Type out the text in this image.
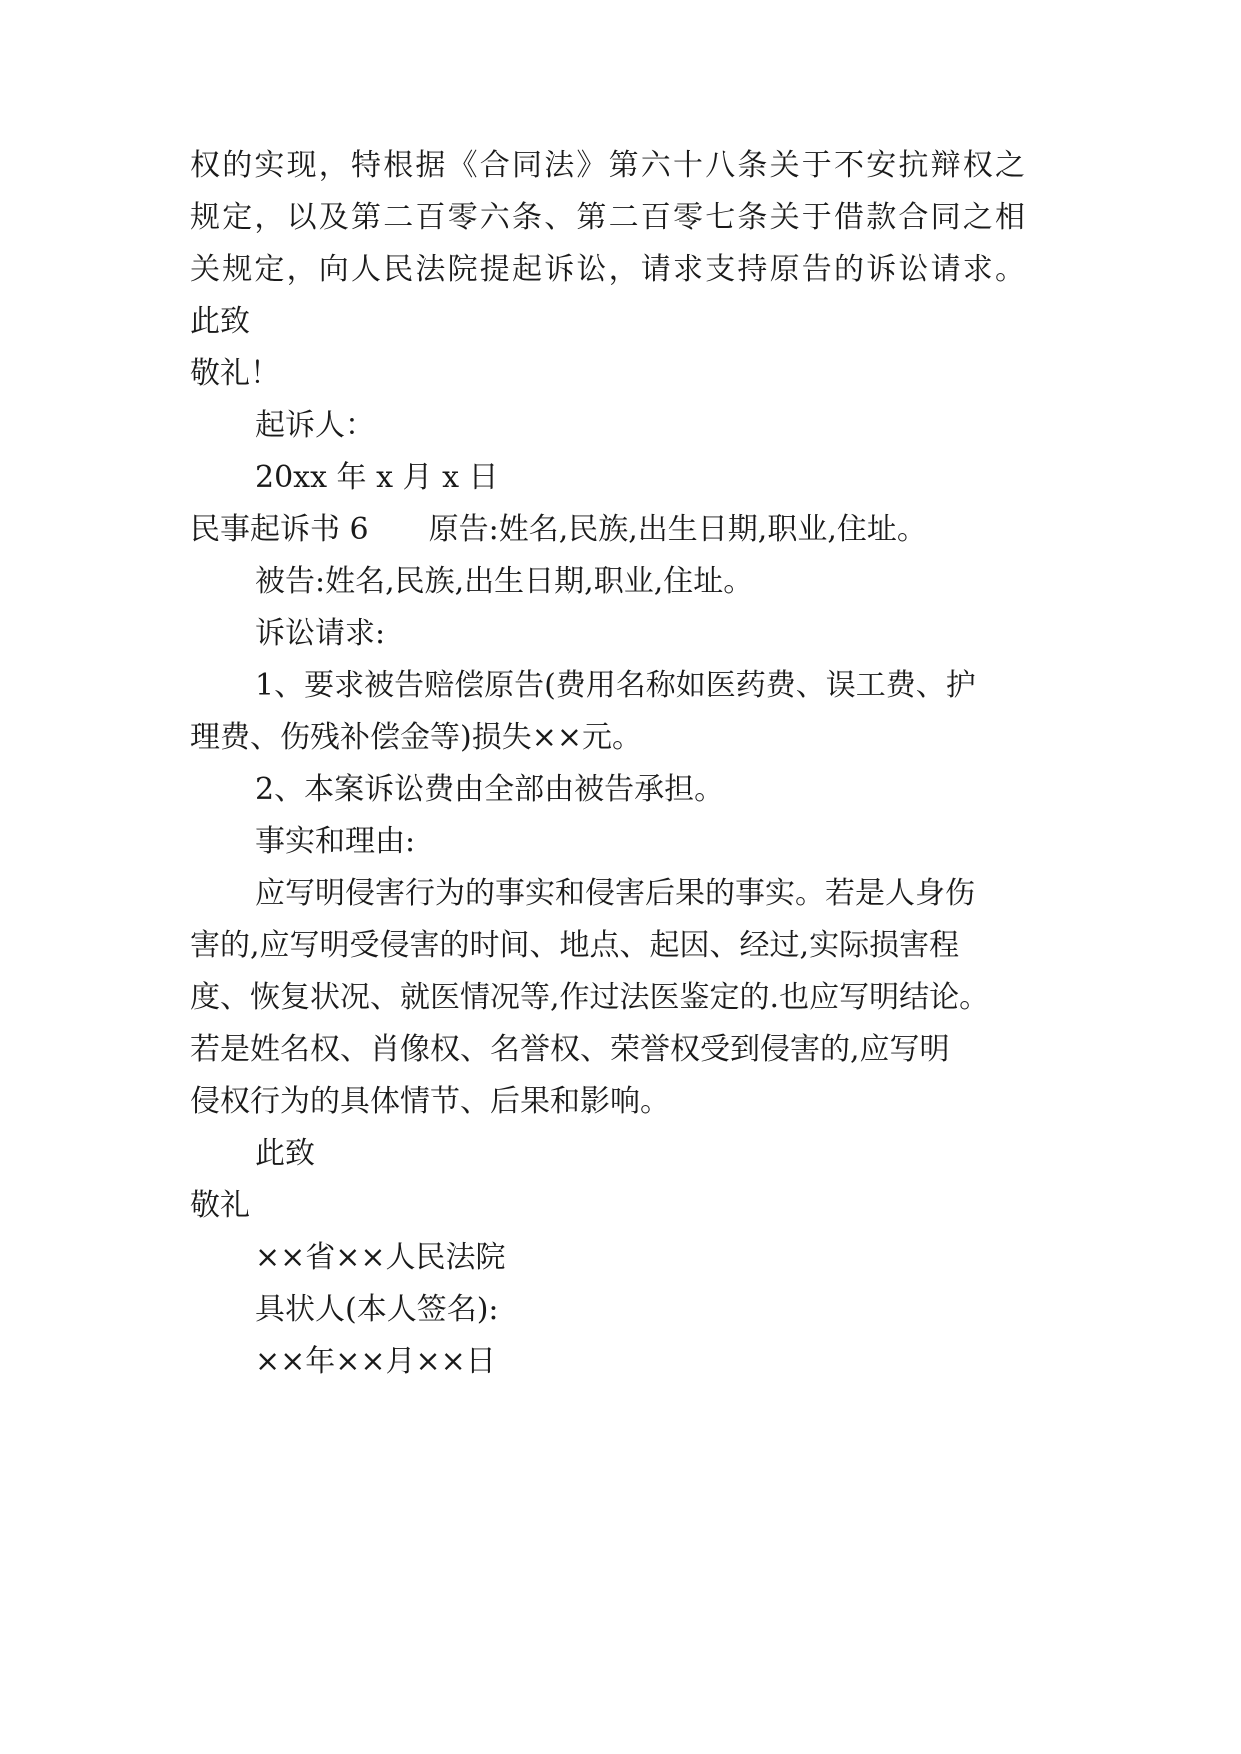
权的实现，特根据《合同法》第六十八条关于不安抗辩权之
规定，以及第二百零六条、第二百零七条关于借款合同之相
关规定，向人民法院提起诉讼，请求支持原告的诉讼请求。
此致
敬礼！
起诉人：
20xx 年 x 月 x 日
民事起诉书 6　　原告:姓名,民族,出生日期,职业,住址。
被告:姓名,民族,出生日期,职业,住址。
诉讼请求:
1、要求被告赔偿原告(费用名称如医药费、误工费、护
理费、伤残补偿金等)损失××元。
2、本案诉讼费由全部由被告承担。
事实和理由:
应写明侵害行为的事实和侵害后果的事实。若是人身伤
害的,应写明受侵害的时间、地点、起因、经过,实际损害程
度、恢复状况、就医情况等,作过法医鉴定的.也应写明结论。
若是姓名权、肖像权、名誉权、荣誉权受到侵害的,应写明
侵权行为的具体情节、后果和影响。
此致
敬礼
××省××人民法院
具状人(本人签名):
××年××月××日
